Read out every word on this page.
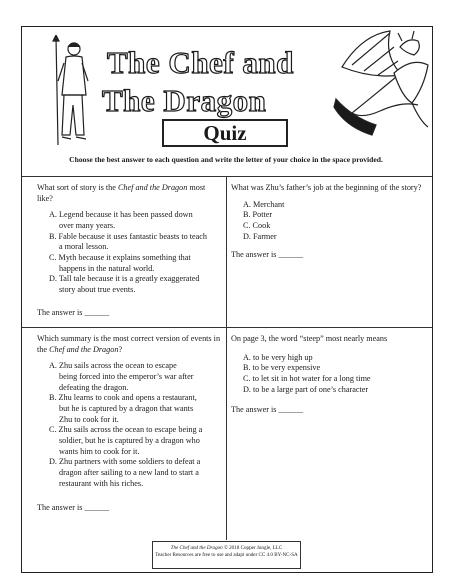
The Chef and
The Dragon
Quiz
Choose the best answer to each question and write the letter of your choice in the space provided.
What sort of story is the Chef and the Dragon most like?
A. Legend because it has been passed down
over many years.
B. Fable because it uses fantastic beasts to teach
a moral lesson.
C. Myth because it explains something that
happens in the natural world.
D. Tall tale because it is a greatly exaggerated
story about true events.
The answer is ______
What was Zhu’s father’s job at the beginning of the story?
A. Merchant
B. Potter
C. Cook
D. Farmer
The answer is ______
Which summary is the most correct version of events in the Chef and the Dragon?
A. Zhu sails across the ocean to escape
being forced into the emperor’s war after
defeating the dragon.
B. Zhu learns to cook and opens a restaurant,
but he is captured by a dragon that wants
Zhu to cook for it.
C. Zhu sails across the ocean to escape being a
soldier, but he is captured by a dragon who
wants him to cook for it.
D. Zhu partners with some soldiers to defeat a
dragon after sailing to a new land to start a
restaurant with his riches.
The answer is ______
On page 3, the word “steep” most nearly means
A. to be very high up
B. to be very expensive
C. to let sit in hot water for a long time
D. to be a large part of one’s character
The answer is ______
The Chef and the Dragon © 2018 Copper Jungle, LLC
Teacher Resources are free to use and adapt under CC 4.0 BY-NC-SA
